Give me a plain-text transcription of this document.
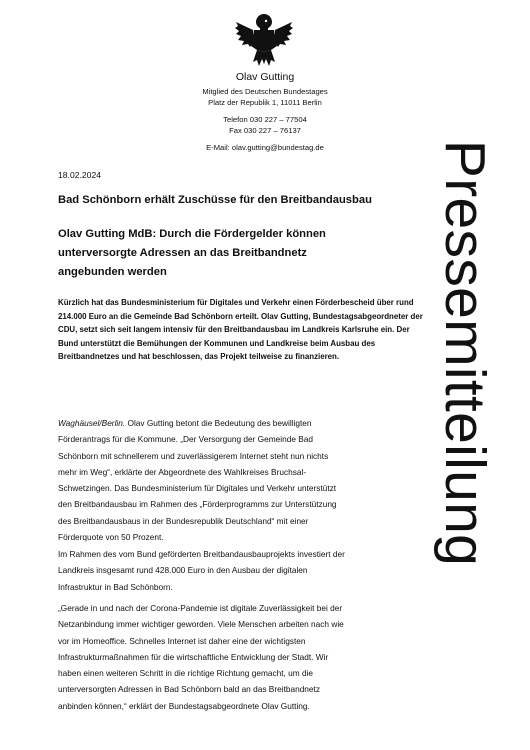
Olav Gutting
Mitglied des Deutschen Bundestages
Platz der Republik 1, 11011 Berlin
Telefon 030 227 – 77504
Fax 030 227 – 76137
E-Mail: olav.gutting@bundestag.de	Pressemitteilung
18.02.2024
Bad Schönborn erhält Zuschüsse für den Breitbandausbau
Olav Gutting MdB: Durch die Fördergelder können
unterversorgte Adressen an das Breitbandnetz
angebunden werden
Kürzlich hat das Bundesministerium für Digitales und Verkehr einen Förderbescheid über rund 214.000 Euro an die Gemeinde Bad Schönborn erteilt. Olav Gutting, Bundestagsabgeordneter der CDU, setzt sich seit langem intensiv für den Breitbandausbau im Landkreis Karlsruhe ein. Der Bund unterstützt die Bemühungen der Kommunen und Landkreise beim Ausbau des Breitbandnetzes und hat beschlossen, das Projekt teilweise zu finanzieren.
Waghäusel/Berlin. Olav Gutting betont die Bedeutung des bewilligten
Förderantrags für die Kommune. „Der Versorgung der Gemeinde Bad
Schönborn mit schnellerem und zuverlässigerem Internet steht nun nichts
mehr im Weg“, erklärte der Abgeordnete des Wahlkreises Bruchsal-
Schwetzingen. Das Bundesministerium für Digitales und Verkehr unterstützt
den Breitbandausbau im Rahmen des „Förderprogramms zur Unterstützung
des Breitbandausbaus in der Bundesrepublik Deutschland“ mit einer
Förderquote von 50 Prozent.
Im Rahmen des vom Bund geförderten Breitbandausbauprojekts investiert der
Landkreis insgesamt rund 428.000 Euro in den Ausbau der digitalen
Infrastruktur in Bad Schönborn.
„Gerade in und nach der Corona-Pandemie ist digitale Zuverlässigkeit bei der
Netzanbindung immer wichtiger geworden. Viele Menschen arbeiten nach wie
vor im Homeoffice. Schnelles Internet ist daher eine der wichtigsten
Infrastrukturmaßnahmen für die wirtschaftliche Entwicklung der Stadt. Wir
haben einen weiteren Schritt in die richtige Richtung gemacht, um die
unterversorgten Adressen in Bad Schönborn bald an das Breitbandnetz
anbinden können,“ erklärt der Bundestagsabgeordnete Olav Gutting.
